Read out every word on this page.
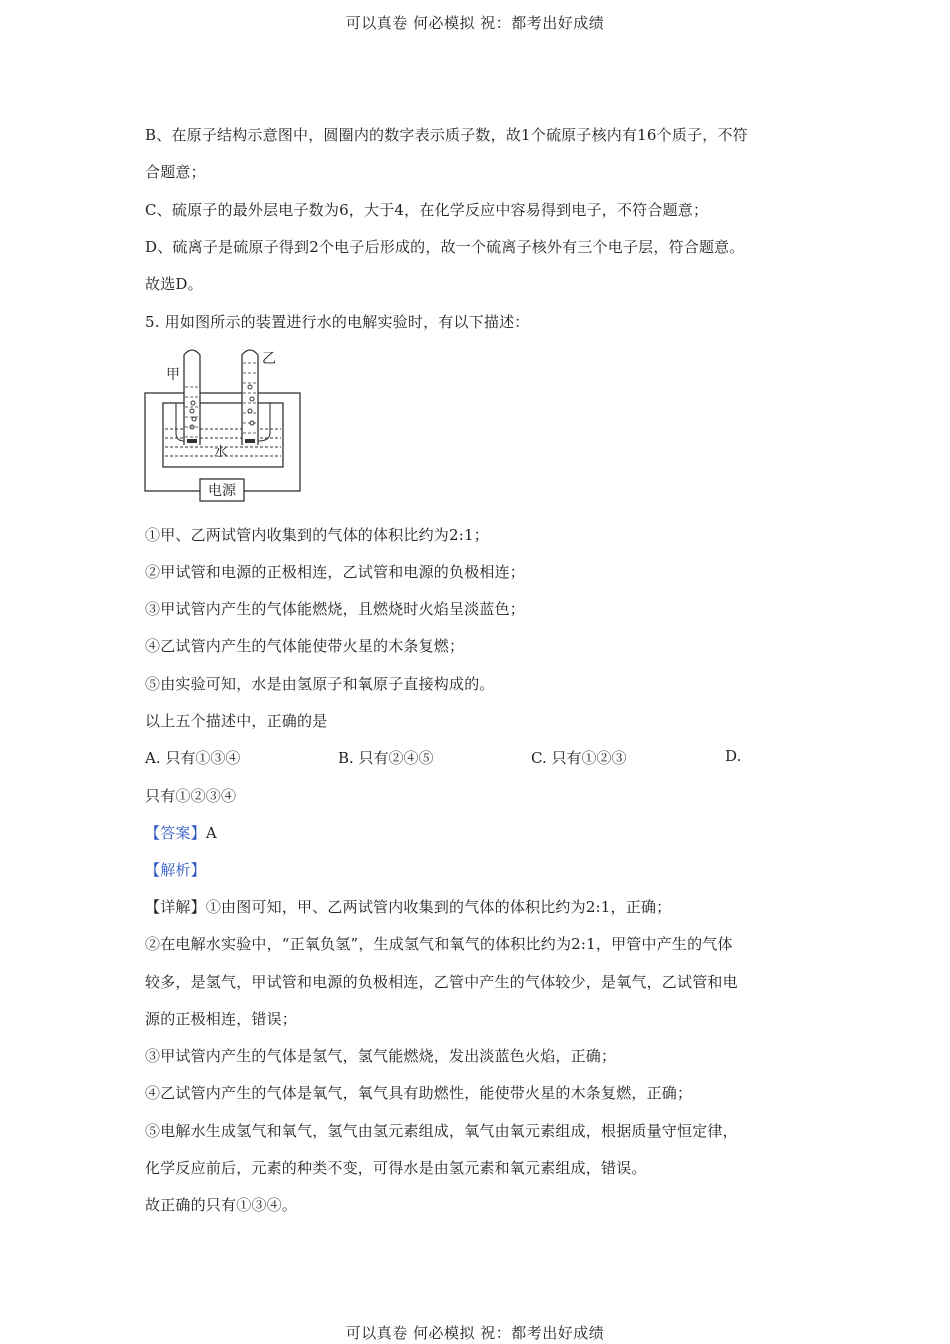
可以真卷 何必模拟 祝：都考出好成绩
B、在原子结构示意图中，圆圈内的数字表示质子数，故1个硫原子核内有16个质子，不符
合题意；
C、硫原子的最外层电子数为6，大于4，在化学反应中容易得到电子，不符合题意；
D、硫离子是硫原子得到2个电子后形成的，故一个硫离子核外有三个电子层，符合题意。
故选D。
5. 用如图所示的装置进行水的电解实验时，有以下描述：
电源
甲
乙
水
①甲、乙两试管内收集到的气体的体积比约为2:1；
②甲试管和电源的正极相连，乙试管和电源的负极相连；
③甲试管内产生的气体能燃烧，且燃烧时火焰呈淡蓝色；
④乙试管内产生的气体能使带火星的木条复燃；
⑤由实验可知，水是由氢原子和氧原子直接构成的。
以上五个描述中，正确的是
A. 只有①③④	B. 只有②④⑤	C. 只有①②③	D.
只有①②③④
【答案】A
【解析】
【详解】①由图可知，甲、乙两试管内收集到的气体的体积比约为2:1，正确；
②在电解水实验中，“正氧负氢”，生成氢气和氧气的体积比约为2:1，甲管中产生的气体
较多，是氢气，甲试管和电源的负极相连，乙管中产生的气体较少，是氧气，乙试管和电
源的正极相连，错误；
③甲试管内产生的气体是氢气，氢气能燃烧，发出淡蓝色火焰，正确；
④乙试管内产生的气体是氧气，氧气具有助燃性，能使带火星的木条复燃，正确；
⑤电解水生成氢气和氧气，氢气由氢元素组成，氧气由氧元素组成，根据质量守恒定律，
化学反应前后，元素的种类不变，可得水是由氢元素和氧元素组成，错误。
故正确的只有①③④。
可以真卷 何必模拟 祝：都考出好成绩
